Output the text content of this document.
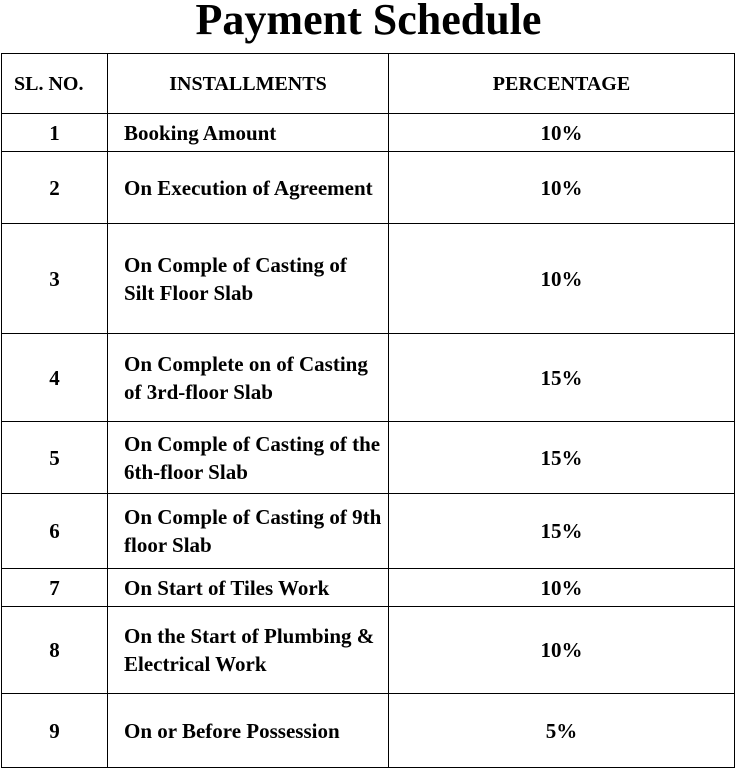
Payment Schedule
SL. NO.	INSTALLMENTS	PERCENTAGE
1	Booking Amount	10%
2	On Execution of Agreement	10%
3	On Comple of Casting of Silt Floor Slab	10%
4	On Complete on of Casting of 3rd-floor Slab	15%
5	On Comple of Casting of the 6th-floor Slab	15%
6	On Comple of Casting of 9th floor Slab	15%
7	On Start of Tiles Work	10%
8	On the Start of Plumbing & Electrical Work	10%
9	On or Before Possession	5%
